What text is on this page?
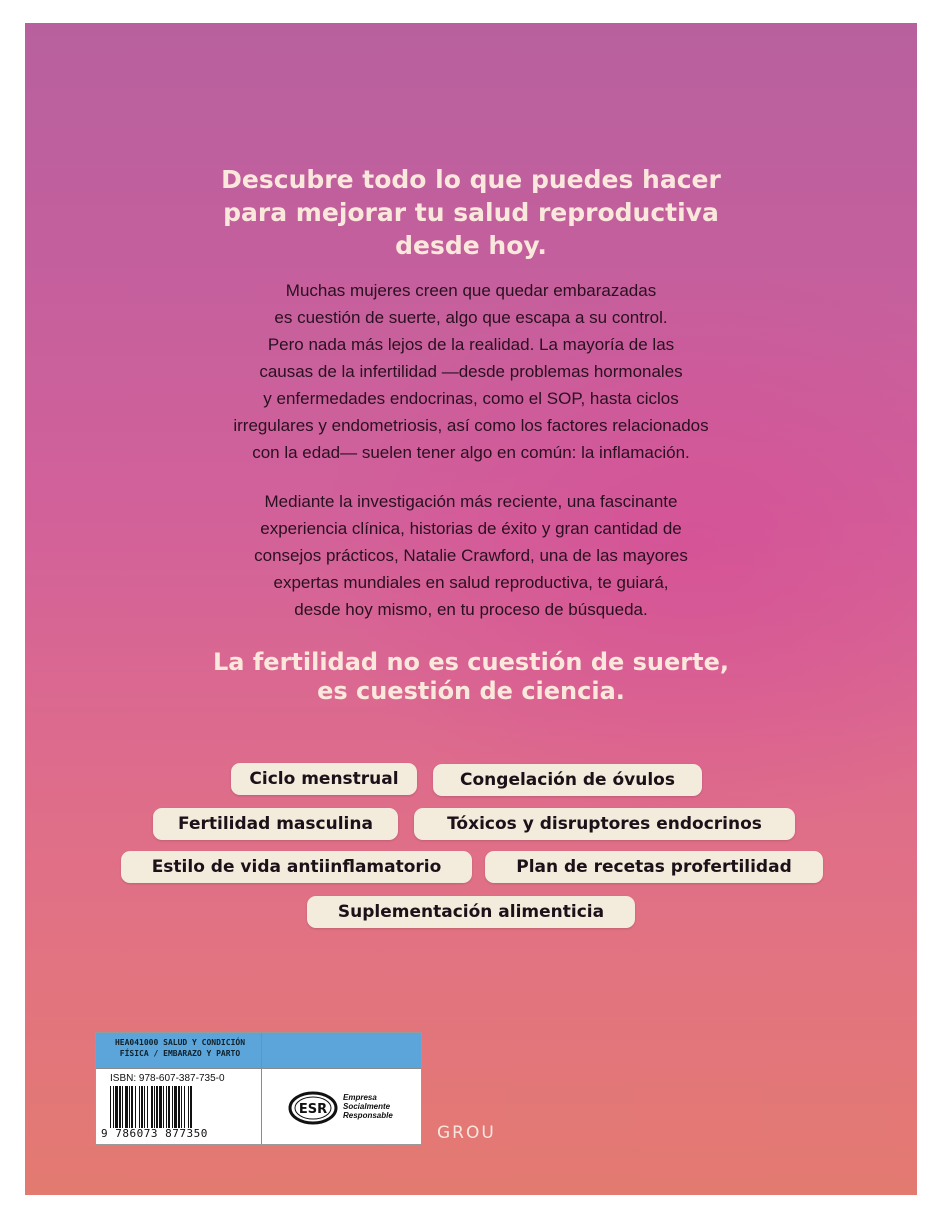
Descubre todo lo que puedes hacer
para mejorar tu salud reproductiva
desde hoy.

Muchas mujeres creen que quedar embarazadas
es cuestión de suerte, algo que escapa a su control.
Pero nada más lejos de la realidad. La mayoría de las
causas de la infertilidad —desde problemas hormonales
y enfermedades endocrinas, como el SOP, hasta ciclos
irregulares y endometriosis, así como los factores relacionados
con la edad— suelen tener algo en común: la inflamación.

Mediante la investigación más reciente, una fascinante
experiencia clínica, historias de éxito y gran cantidad de
consejos prácticos, Natalie Crawford, una de las mayores
expertas mundiales en salud reproductiva, te guiará,
desde hoy mismo, en tu proceso de búsqueda.

La fertilidad no es cuestión de suerte,
es cuestión de ciencia.
Ciclo menstrual	Congelación de óvulos
Fertilidad masculina	Tóxicos y disruptores endocrinos
Estilo de vida antiinflamatorio	Plan de recetas profertilidad
Suplementación alimenticia
HEA041000 SALUD Y CONDICIÓN
FÍSICA / EMBARAZO Y PARTO
ISBN: 978-607-387-735-0
9 786073 877350
ESR
Empresa
Socialmente
Responsable
GROU
